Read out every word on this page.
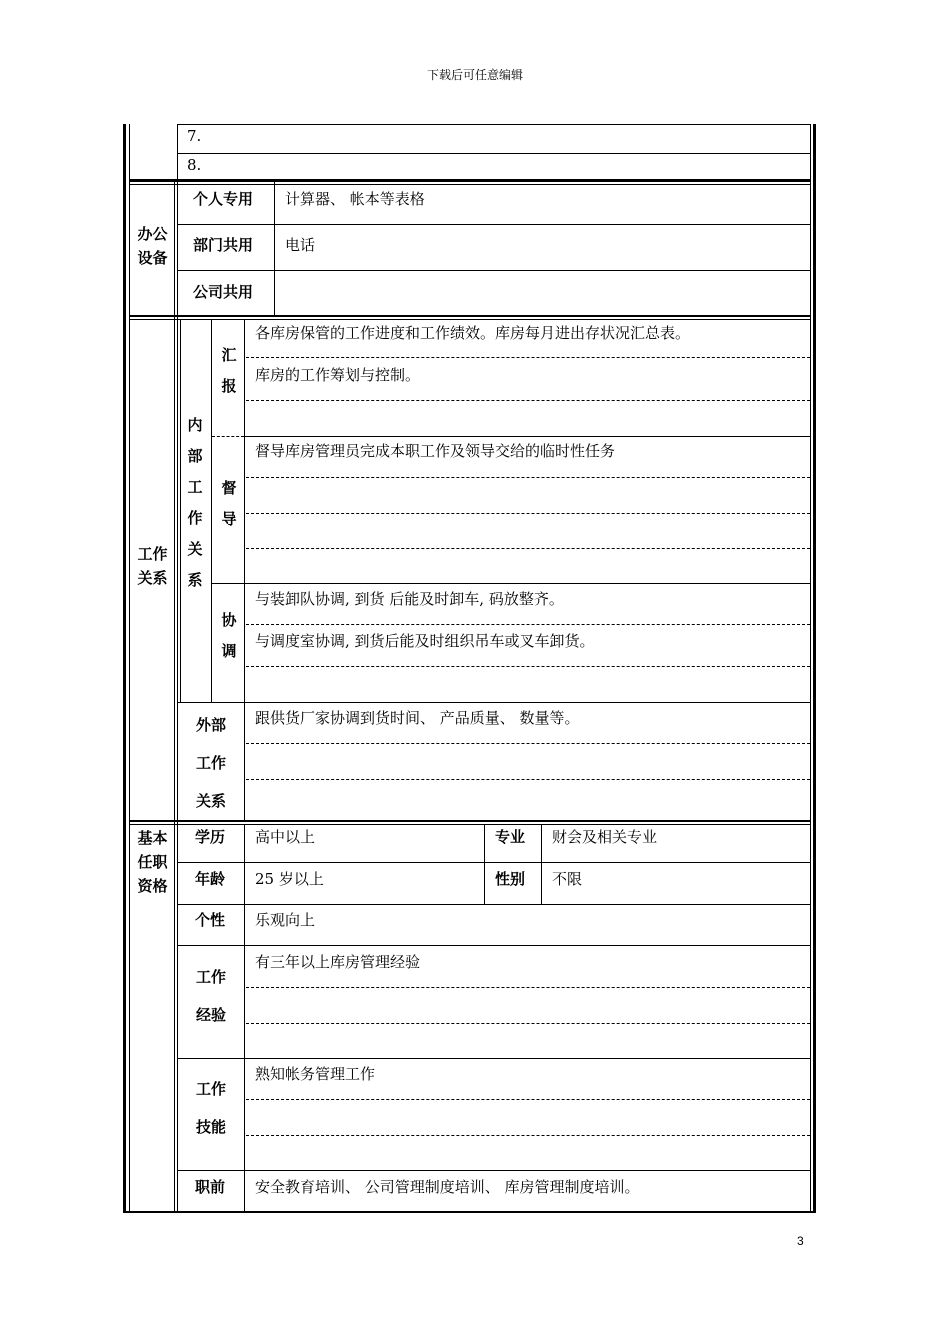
下载后可任意编辑
7.
8.
办公设备
个人专用 计算器、 帐本等表格
部门共用 电话
公司共用
工作关系
内部工作关系
汇报
督导
协调
各库房保管的工作进度和工作绩效。库房每月进出存状况汇总表。
库房的工作筹划与控制。
督导库房管理员完成本职工作及领导交给的临时性任务
与装卸队协调, 到货 后能及时卸车, 码放整齐。
与调度室协调, 到货后能及时组织吊车或叉车卸货。
外部工作关系
跟供货厂家协调到货时间、 产品质量、 数量等。
基本任职资格
学历 高中以上	专业 财会及相关专业
年龄 25 岁以上	性别 不限
个性 乐观向上
工作经验
有三年以上库房管理经验
工作技能
熟知帐务管理工作
职前 安全教育培训、 公司管理制度培训、 库房管理制度培训。
3
